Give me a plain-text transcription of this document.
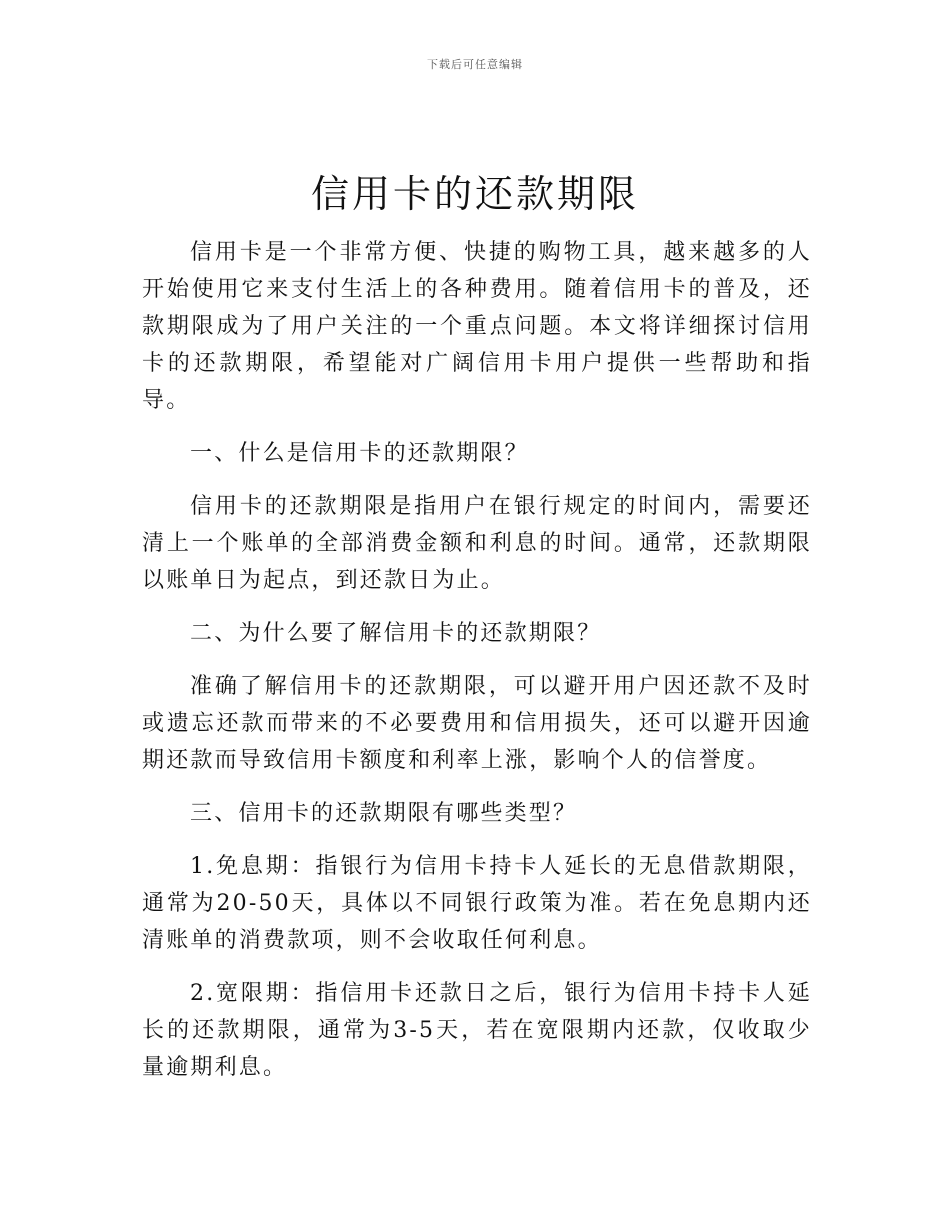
下载后可任意编辑
信用卡的还款期限

信用卡是一个非常方便、快捷的购物工具，越来越多的人开始使用它来支付生活上的各种费用。随着信用卡的普及，还款期限成为了用户关注的一个重点问题。本文将详细探讨信用卡的还款期限，希望能对广阔信用卡用户提供一些帮助和指导。

一、什么是信用卡的还款期限？

信用卡的还款期限是指用户在银行规定的时间内，需要还清上一个账单的全部消费金额和利息的时间。通常，还款期限以账单日为起点，到还款日为止。

二、为什么要了解信用卡的还款期限？

准确了解信用卡的还款期限，可以避开用户因还款不及时或遗忘还款而带来的不必要费用和信用损失，还可以避开因逾期还款而导致信用卡额度和利率上涨，影响个人的信誉度。

三、信用卡的还款期限有哪些类型？

1.免息期：指银行为信用卡持卡人延长的无息借款期限，通常为20-50天，具体以不同银行政策为准。若在免息期内还清账单的消费款项，则不会收取任何利息。

2.宽限期：指信用卡还款日之后，银行为信用卡持卡人延长的还款期限，通常为3-5天，若在宽限期内还款，仅收取少量逾期利息。
